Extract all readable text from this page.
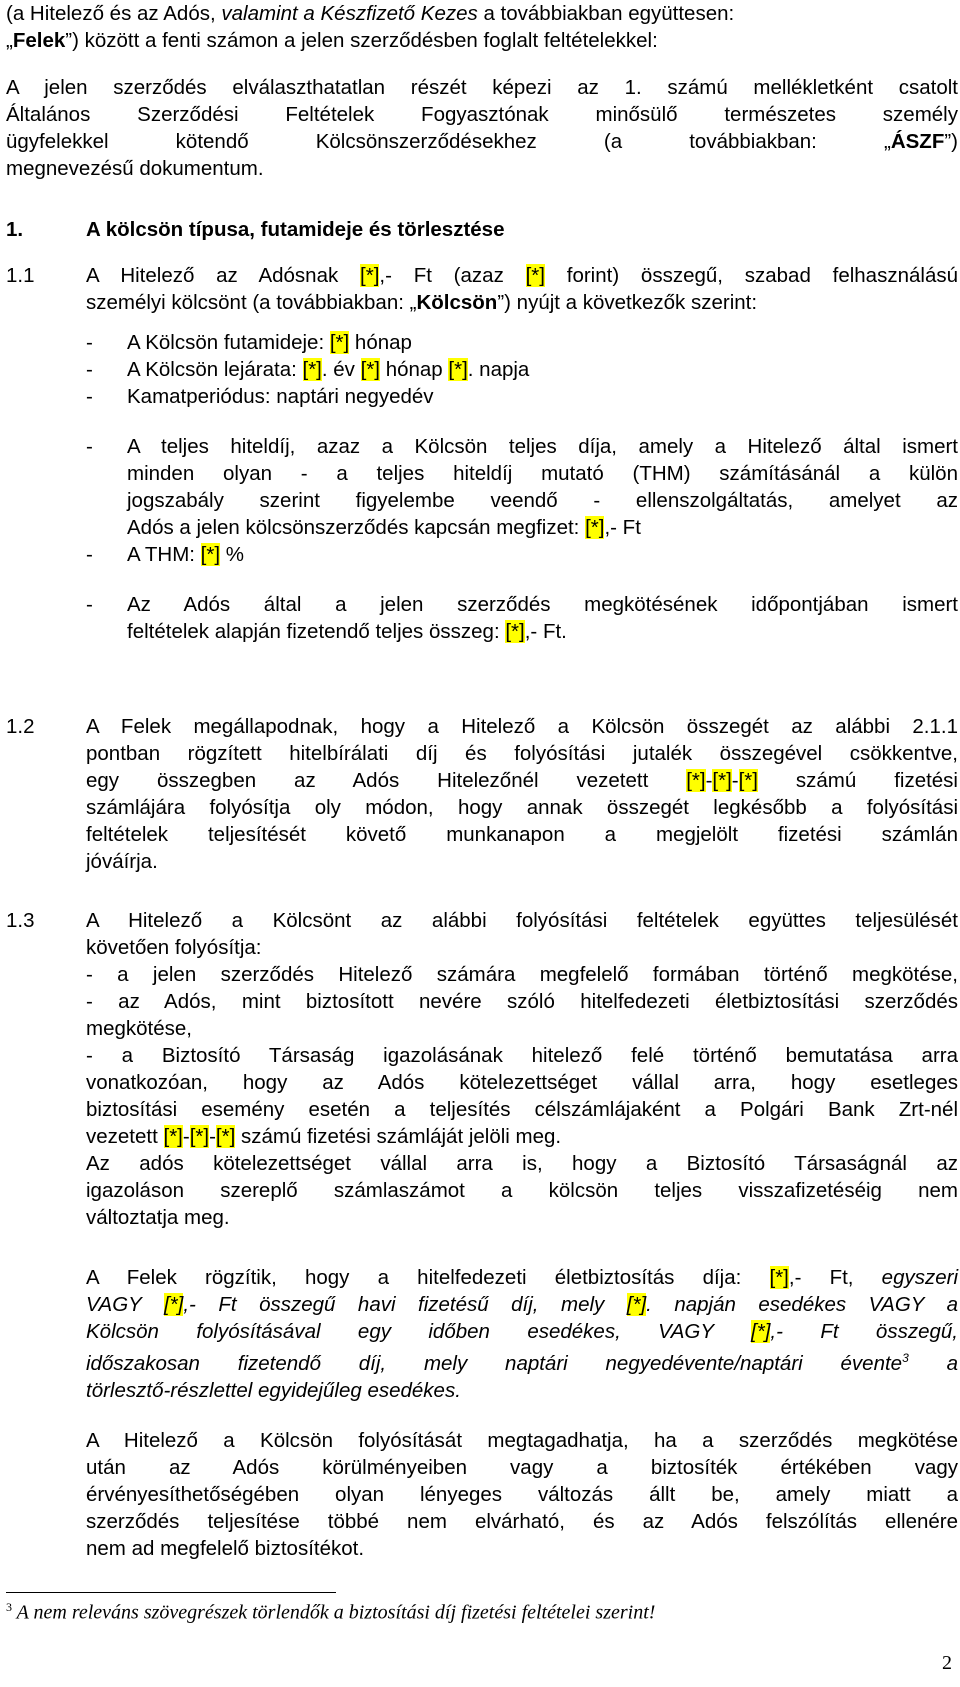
(a Hitelező és az Adós, valamint a Készfizető Kezes a továbbiakban együttesen:
„Felek”) között a fenti számon a jelen szerződésben foglalt feltételekkel:
A jelen szerződés elválaszthatatlan részét képezi az 1. számú mellékletként csatolt
Általános Szerződési Feltételek Fogyasztónak minősülő természetes személy
ügyfelekkel kötendő Kölcsönszerződésekhez (a továbbiakban: „ÁSZF”)
megnevezésű dokumentum.
1.	A kölcsön típusa, futamideje és törlesztése
1.1	A Hitelező az Adósnak [*],- Ft (azaz [*] forint) összegű, szabad felhasználású
személyi kölcsönt (a továbbiakban: „Kölcsön”) nyújt a következők szerint:
- A Kölcsön futamideje: [*] hónap
- A Kölcsön lejárata: [*]. év [*] hónap [*]. napja
- Kamatperiódus: naptári negyedév
- A teljes hiteldíj, azaz a Kölcsön teljes díja, amely a Hitelező által ismert
minden olyan - a teljes hiteldíj mutató (THM) számításánál a külön
jogszabály szerint figyelembe veendő - ellenszolgáltatás, amelyet az
Adós a jelen kölcsönszerződés kapcsán megfizet: [*],- Ft
- A THM: [*] %
- Az Adós által a jelen szerződés megkötésének időpontjában ismert
feltételek alapján fizetendő teljes összeg: [*],- Ft.
1.2	A Felek megállapodnak, hogy a Hitelező a Kölcsön összegét az alábbi 2.1.1
pontban rögzített hitelbírálati díj és folyósítási jutalék összegével csökkentve,
egy összegben az Adós Hitelezőnél vezetett [*]-[*]-[*] számú fizetési
számlájára folyósítja oly módon, hogy annak összegét legkésőbb a folyósítási
feltételek teljesítését követő munkanapon a megjelölt fizetési számlán
jóváírja.
1.3	A Hitelező a Kölcsönt az alábbi folyósítási feltételek együttes teljesülését
követően folyósítja:
- a jelen szerződés Hitelező számára megfelelő formában történő megkötése,
- az Adós, mint biztosított nevére szóló hitelfedezeti életbiztosítási szerződés
megkötése,
- a Biztosító Társaság igazolásának hitelező felé történő bemutatása arra
vonatkozóan, hogy az Adós kötelezettséget vállal arra, hogy esetleges
biztosítási esemény esetén a teljesítés célszámlájaként a Polgári Bank Zrt-nél
vezetett [*]-[*]-[*] számú fizetési számláját jelöli meg.
Az adós kötelezettséget vállal arra is, hogy a Biztosító Társaságnál az
igazoláson szereplő számlaszámot a kölcsön teljes visszafizetéséig nem
változtatja meg.
A Felek rögzítik, hogy a hitelfedezeti életbiztosítás díja: [*],- Ft, egyszeri
VAGY [*],- Ft összegű havi fizetésű díj, mely [*]. napján esedékes VAGY a
Kölcsön folyósításával egy időben esedékes, VAGY [*],- Ft összegű,
időszakosan fizetendő díj, mely naptári negyedévente/naptári évente$^3$ a
törlesztő-részlettel egyidejűleg esedékes.
A Hitelező a Kölcsön folyósítását megtagadhatja, ha a szerződés megkötése
után az Adós körülményeiben vagy a biztosíték értékében vagy
érvényesíthetőségében olyan lényeges változás állt be, amely miatt a
szerződés teljesítése többé nem elvárható, és az Adós felszólítás ellenére
nem ad megfelelő biztosítékot.
$^3$ A nem releváns szövegrészek törlendők a biztosítási díj fizetési feltételei szerint!
2
